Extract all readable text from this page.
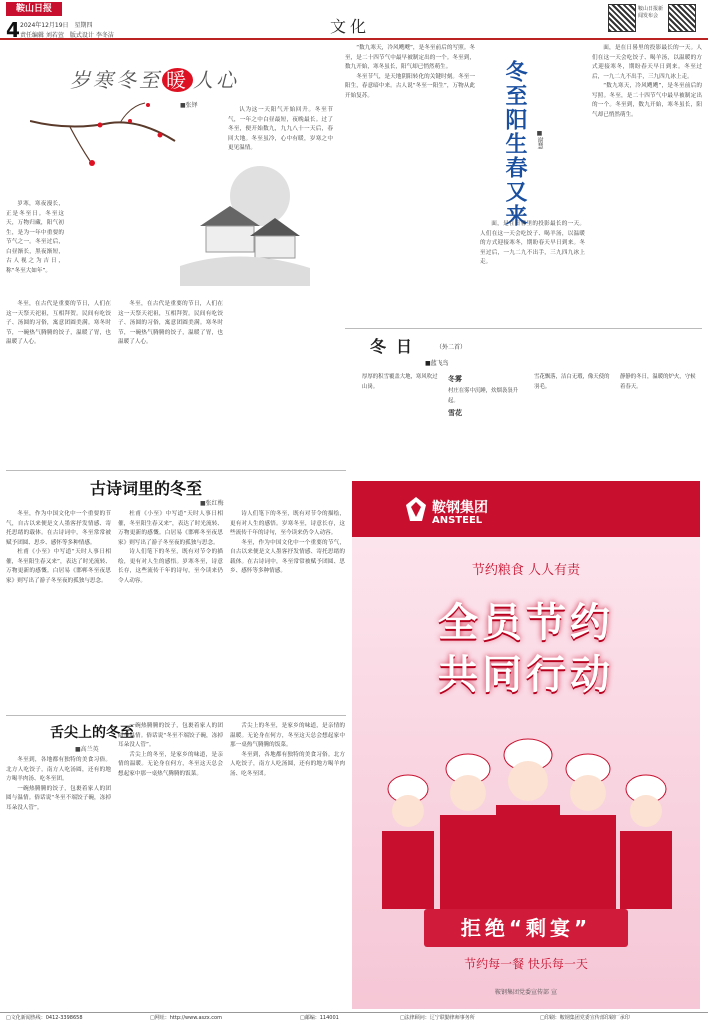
鞍山日报
4 2024年12月19日　星期四
责任编辑 刘若萱　版式设计 李冬洁	文化
鞍山日报新闻发布会
岁寒冬至 暖 人心
■张铎

岁寒，寒夜漫长，正是冬至日。冬至这天，万物归藏，阳气初生，是为一年中重要的节气之一。冬至过后，白昼渐长，黑夜渐短，古人视之为吉日，称“冬至大如年”。

冬至，在古代是重要的节日，人们在这一天祭天祀祖，互相拜贺。民间有吃饺子、汤圆的习俗，寓意团圆美满。寒冬时节，一碗热气腾腾的饺子，温暖了胃，也温暖了人心。

冬至，在古代是重要的节日，人们在这一天祭天祀祖，互相拜贺。民间有吃饺子、汤圆的习俗，寓意团圆美满。寒冬时节，一碗热气腾腾的饺子，温暖了胃，也温暖了人心。

认为这一天阳气开始回升。冬至节气，一年之中白昼最短，夜晚最长。过了冬至，便开始数九，九九八十一天后，春回大地。冬至虽冷，心中有暖，岁寒之中更见温情。

“数九寒天，冷风飕飕”，是冬至前后的写照。冬至，是二十四节气中最早被制定出的一个。冬至到，数九开始，寒冬虽长，阳气却已悄然萌生。

冬至节气，是天地阴阳转化的关键时刻。冬至一阳生，春意暗中来。古人说“冬至一阳生”，万物从此开始复苏。	冬至阳生春又来	■谢慧

面，是在日晷里的投影最长的一天。人们在这一天会吃饺子、喝羊汤，以温暖的方式迎接寒冬，期盼春天早日到来。冬至过后，一九二九不出手，三九四九冰上走。

面，是在日晷里的投影最长的一天。人们在这一天会吃饺子、喝羊汤，以温暖的方式迎接寒冬，期盼春天早日到来。冬至过后，一九二九不出手，三九四九冰上走。

“数九寒天，冷风飕飕”，是冬至前后的写照。冬至，是二十四节气中最早被制定出的一个。冬至到，数九开始，寒冬虽长，阳气却已悄然萌生。

冬日 （外二首）
■蓝飞鸟
厚厚的积雪覆盖大地，寒风吹过山岗。
冬雾
村庄在雾中沉睡，炊烟袅袅升起。
雪花
雪花飘落，洁白无瑕，像天使的羽毛。
静静的冬日，温暖的炉火，守候着春天。
古诗词里的冬至
■张红梅

冬至，作为中国文化中一个重要的节气，自古以来便是文人墨客抒发情感、寄托思绪的载体。在古诗词中，冬至常常被赋予团圆、思乡、感怀等多种情感。

杜甫《小至》中写道“天时人事日相催，冬至阳生春又来”，表达了时光流转、万物更新的感慨。白居易《邯郸冬至夜思家》则写出了游子冬至夜的孤独与思念。

杜甫《小至》中写道“天时人事日相催，冬至阳生春又来”，表达了时光流转、万物更新的感慨。白居易《邯郸冬至夜思家》则写出了游子冬至夜的孤独与思念。

诗人们笔下的冬至，既有对节令的描绘，更有对人生的感悟。岁寒冬至，诗意长存，这些流传千年的诗句，至今读来仍令人动容。

诗人们笔下的冬至，既有对节令的描绘，更有对人生的感悟。岁寒冬至，诗意长存，这些流传千年的诗句，至今读来仍令人动容。

冬至，作为中国文化中一个重要的节气，自古以来便是文人墨客抒发情感、寄托思绪的载体。在古诗词中，冬至常常被赋予团圆、思乡、感怀等多种情感。

舌尖上的冬至
■高兰英

冬至到，各地都有独特的美食习俗。北方人吃饺子，南方人吃汤圆，还有的地方喝羊肉汤、吃冬至团。

一碗热腾腾的饺子，包裹着家人的团圆与温情。俗话说“冬至不端饺子碗，冻掉耳朵没人管”。

一碗热腾腾的饺子，包裹着家人的团圆与温情。俗话说“冬至不端饺子碗，冻掉耳朵没人管”。

舌尖上的冬至，是家乡的味道，是亲情的温暖。无论身在何方，冬至这天总会想起家中那一桌热气腾腾的饭菜。

舌尖上的冬至，是家乡的味道，是亲情的温暖。无论身在何方，冬至这天总会想起家中那一桌热气腾腾的饭菜。

冬至到，各地都有独特的美食习俗。北方人吃饺子，南方人吃汤圆，还有的地方喝羊肉汤、吃冬至团。

鞍钢集团
ANSTEEL
节约粮食 人人有责
全员节约
共同行动
拒绝“剩宴”
节约每一餐 快乐每一天
鞍钢集团党委宣传部 宣
□文化新闻热线：0412-3398658	□网址：http://www.aszx.com	□邮编：114001	□法律顾问：辽宁联勤律师事务所	□印刷：鞍钢集团党委宣传部印刷厂承印
